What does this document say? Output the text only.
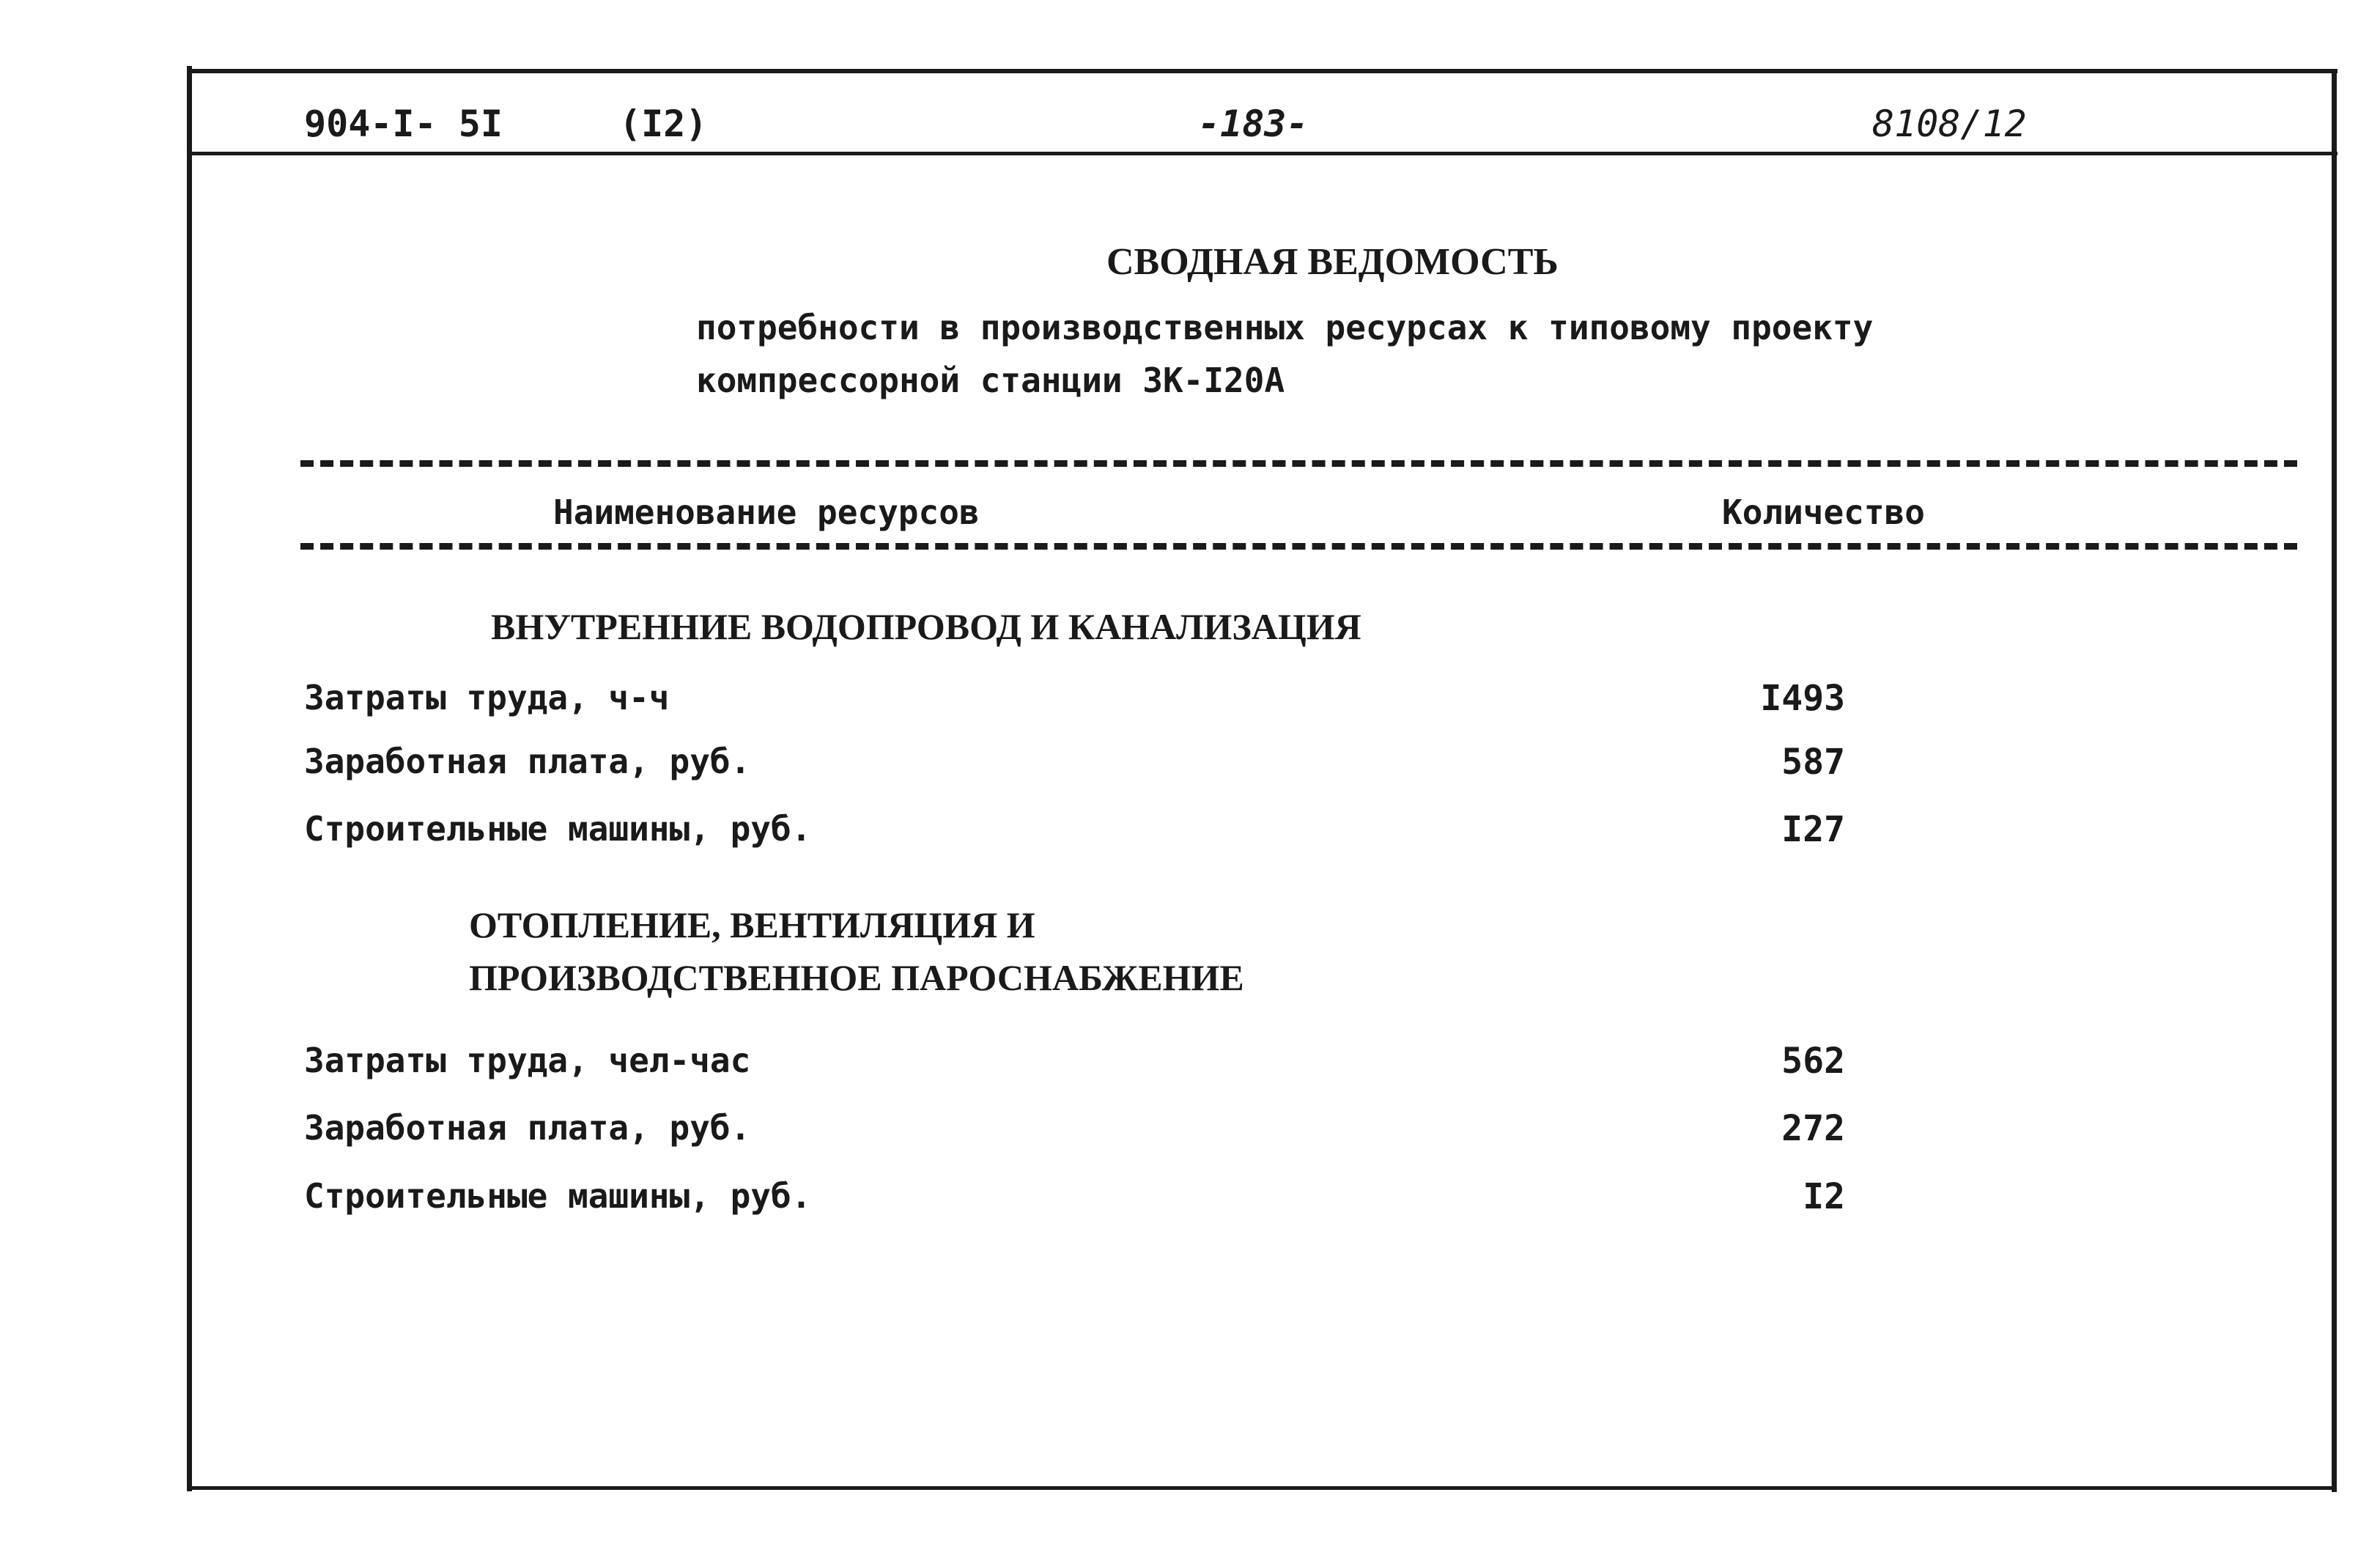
904-I- 5I	(I2)	-183-	8108/12
СВОДНАЯ ВЕДОМОСТЬ
потребности в производственных ресурсах к типовому проекту
компрессорной станции ЗК-I20А
Наименование ресурсов	Количество
ВНУТРЕННИЕ ВОДОПРОВОД И КАНАЛИЗАЦИЯ
Затраты труда, ч-ч	I493
Заработная плата, руб.	587
Строительные машины, руб.	I27
ОТОПЛЕНИЕ, ВЕНТИЛЯЦИЯ И
ПРОИЗВОДСТВЕННОЕ ПАРОСНАБЖЕНИЕ
Затраты труда, чел-час	562
Заработная плата, руб.	272
Строительные машины, руб.	I2
